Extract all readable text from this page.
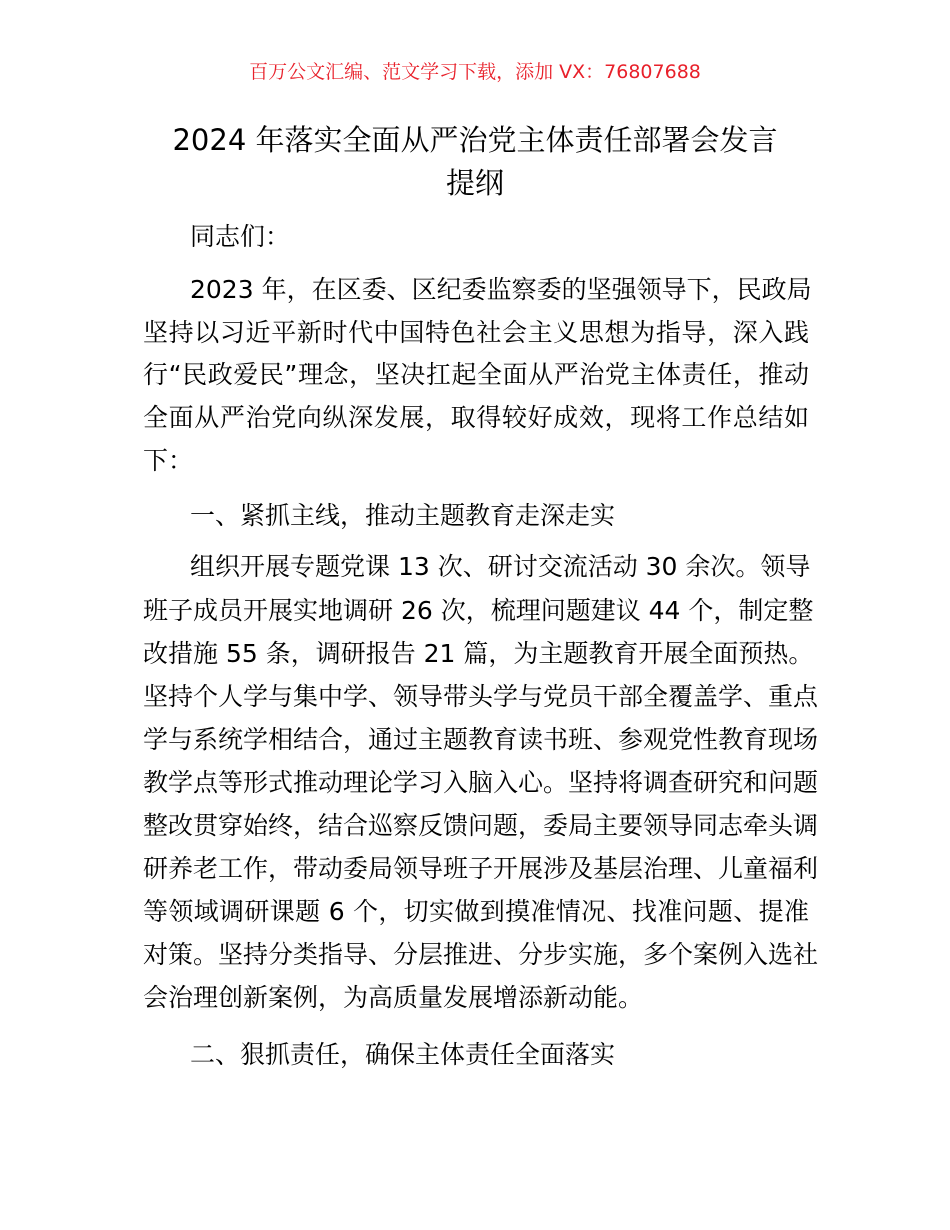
百万公文汇编、范文学习下载，添加 VX：76807688
2024 年落实全面从严治党主体责任部署会发言
提纲
同志们：
2023 年，在区委、区纪委监察委的坚强领导下，民政局
坚持以习近平新时代中国特色社会主义思想为指导，深入践
行“民政爱民”理念，坚决扛起全面从严治党主体责任，推动
全面从严治党向纵深发展，取得较好成效，现将工作总结如
下：
一、紧抓主线，推动主题教育走深走实
组织开展专题党课 13 次、研讨交流活动 30 余次。领导
班子成员开展实地调研 26 次，梳理问题建议 44 个，制定整
改措施 55 条，调研报告 21 篇，为主题教育开展全面预热。
坚持个人学与集中学、领导带头学与党员干部全覆盖学、重点
学与系统学相结合，通过主题教育读书班、参观党性教育现场
教学点等形式推动理论学习入脑入心。坚持将调查研究和问题
整改贯穿始终，结合巡察反馈问题，委局主要领导同志牵头调
研养老工作，带动委局领导班子开展涉及基层治理、儿童福利
等领域调研课题 6 个，切实做到摸准情况、找准问题、提准
对策。坚持分类指导、分层推进、分步实施，多个案例入选社
会治理创新案例，为高质量发展增添新动能。
二、狠抓责任，确保主体责任全面落实
